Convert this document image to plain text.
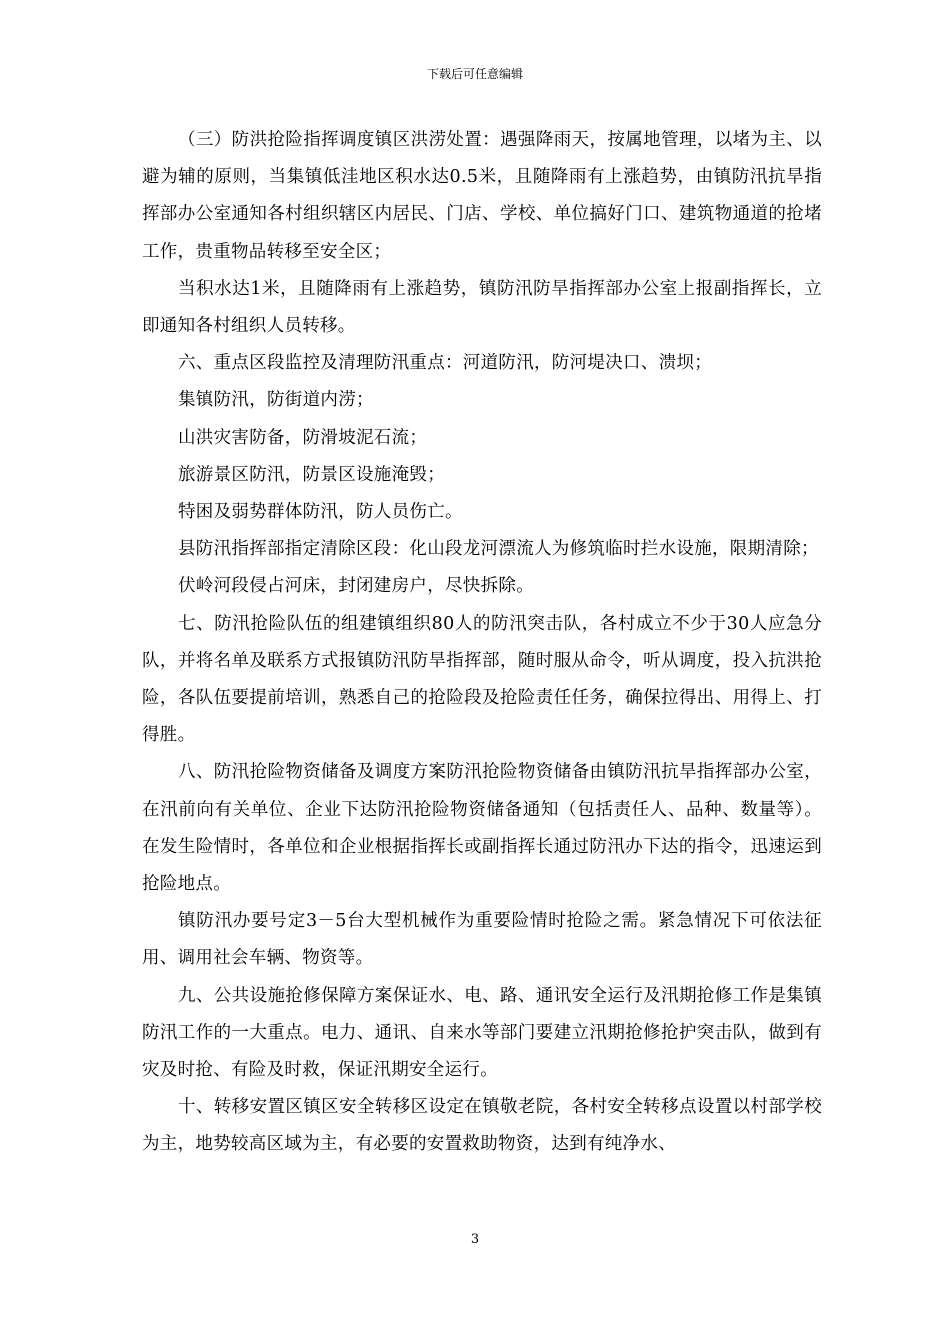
下载后可任意编辑

（三）防洪抢险指挥调度镇区洪涝处置：遇强降雨天，按属地管理，以堵为主、以避为辅的原则，当集镇低洼地区积水达0.5米，且随降雨有上涨趋势，由镇防汛抗旱指挥部办公室通知各村组织辖区内居民、门店、学校、单位搞好门口、建筑物通道的抢堵工作，贵重物品转移至安全区；

当积水达1米，且随降雨有上涨趋势，镇防汛防旱指挥部办公室上报副指挥长，立即通知各村组织人员转移。

六、重点区段监控及清理防汛重点：河道防汛，防河堤决口、溃坝；

集镇防汛，防街道内涝；

山洪灾害防备，防滑坡泥石流；

旅游景区防汛，防景区设施淹毁；

特困及弱势群体防汛，防人员伤亡。

县防汛指挥部指定清除区段：化山段龙河漂流人为修筑临时拦水设施，限期清除；

伏岭河段侵占河床，封闭建房户，尽快拆除。

七、防汛抢险队伍的组建镇组织80人的防汛突击队，各村成立不少于30人应急分队，并将名单及联系方式报镇防汛防旱指挥部，随时服从命令，听从调度，投入抗洪抢险，各队伍要提前培训，熟悉自己的抢险段及抢险责任任务，确保拉得出、用得上、打得胜。

八、防汛抢险物资储备及调度方案防汛抢险物资储备由镇防汛抗旱指挥部办公室，在汛前向有关单位、企业下达防汛抢险物资储备通知（包括责任人、品种、数量等）。在发生险情时，各单位和企业根据指挥长或副指挥长通过防汛办下达的指令，迅速运到抢险地点。

镇防汛办要号定3－5台大型机械作为重要险情时抢险之需。紧急情况下可依法征用、调用社会车辆、物资等。

九、公共设施抢修保障方案保证水、电、路、通讯安全运行及汛期抢修工作是集镇防汛工作的一大重点。电力、通讯、自来水等部门要建立汛期抢修抢护突击队，做到有灾及时抢、有险及时救，保证汛期安全运行。

十、转移安置区镇区安全转移区设定在镇敬老院，各村安全转移点设置以村部学校为主，地势较高区域为主，有必要的安置救助物资，达到有纯净水、

3
